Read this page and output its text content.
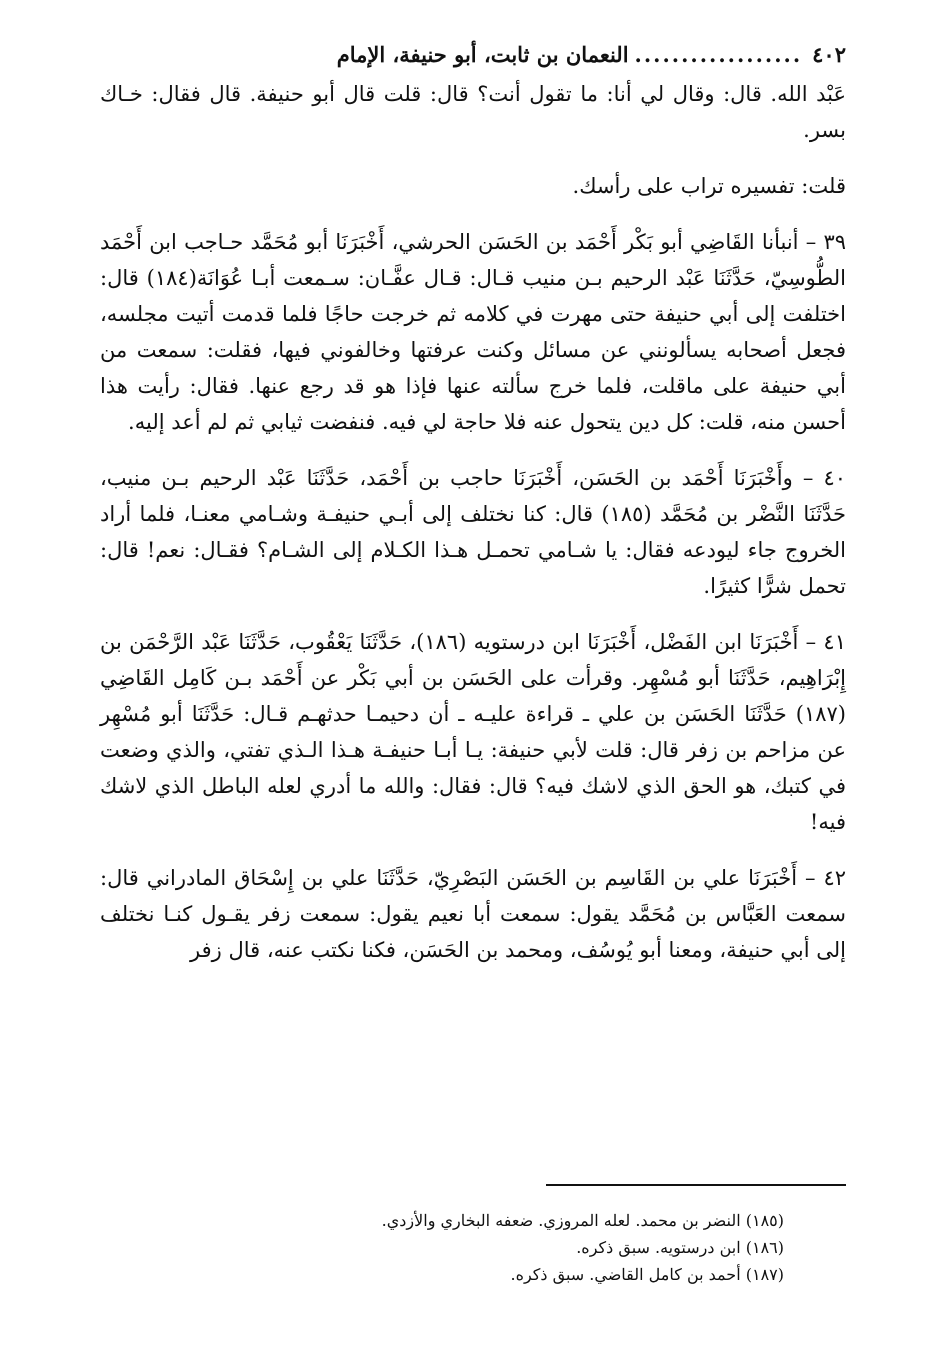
٤٠٢
..................
النعمان بن ثابت، أبو حنيفة، الإمام

عَبْد الله. قال: وقال لي أنا: ما تقول أنت؟ قال: قلت قال أبو حنيفة. قال فقال: خـاك بسر.

قلت: تفسيره تراب على رأسك.

٣٩ – أنبأنا القَاضِي أبو بَكْر أَحْمَد بن الحَسَن الحرشي، أَخْبَرَنَا أبو مُحَمَّد حـاجب ابن أَحْمَد الطُّوسِيّ، حَدَّثَنَا عَبْد الرحيم بـن منيب قـال: قـال عفَّـان: سـمعت أبـا عُوَانَة(١٨٤) قال: اختلفت إلى أبي حنيفة حتى مهرت في كلامه ثم خرجت حاجًا فلما قدمت أتيت مجلسه، فجعل أصحابه يسألونني عن مسائل وكنت عرفتها وخالفوني فيها، فقلت: سمعت من أبي حنيفة على ماقلت، فلما خرج سألته عنها فإذا هو قد رجع عنها. فقال: رأيت هذا أحسن منه، قلت: كل دين يتحول عنه فلا حاجة لي فيه. فنفضت ثيابي ثم لم أعد إليه.

٤٠ – وأَخْبَرَنَا أَحْمَد بن الحَسَن، أَخْبَرَنَا حاجب بن أَحْمَد، حَدَّثَنَا عَبْد الرحيم بـن منيب، حَدَّثَنَا النَّضْر بن مُحَمَّد (١٨٥) قال: كنا نختلف إلى أبـي حنيفـة وشـامي معنـا، فلما أراد الخروج جاء ليودعه فقال: يا شـامي تحمـل هـذا الكـلام إلى الشـام؟ فقـال: نعم! قال: تحمل شرًّا كثيرًا.

٤١ – أَخْبَرَنَا ابن الفَضْل، أَخْبَرَنَا ابن درستويه (١٨٦)، حَدَّثَنَا يَعْقُوب، حَدَّثَنَا عَبْد الرَّحْمَن بن إِبْرَاهِيم، حَدَّثَنَا أبو مُسْهِر. وقرأت على الحَسَن بن أبي بَكْر عن أَحْمَد بـن كَامِل القَاضِي (١٨٧) حَدَّثَنَا الحَسَن بن علي ـ قراءة عليـه ـ أن دحيمـا حدثهـم قـال: حَدَّثَنَا أبو مُسْهِر عن مزاحم بن زفر قال: قلت لأبي حنيفة: يـا أبـا حنيفـة هـذا الـذي تفتي، والذي وضعت في كتبك، هو الحق الذي لاشك فيه؟ قال: فقال: والله ما أدري لعله الباطل الذي لاشك فيه!

٤٢ – أَخْبَرَنَا علي بن القَاسِم بن الحَسَن البَصْرِيّ، حَدَّثَنَا علي بن إِسْحَاق المادراني قال: سمعت العَبَّاس بن مُحَمَّد يقول: سمعت أبا نعيم يقول: سمعت زفر يقـول كنـا نختلف إلى أبي حنيفة، ومعنا أبو يُوسُف، ومحمد بن الحَسَن، فكنا نكتب عنه، قال زفر

(١٨٥) النضر بن محمد. لعله المروزي. ضعفه البخاري والأزدي.
(١٨٦) ابن درستويه. سبق ذكره.
(١٨٧) أحمد بن كامل القاضي. سبق ذكره.
